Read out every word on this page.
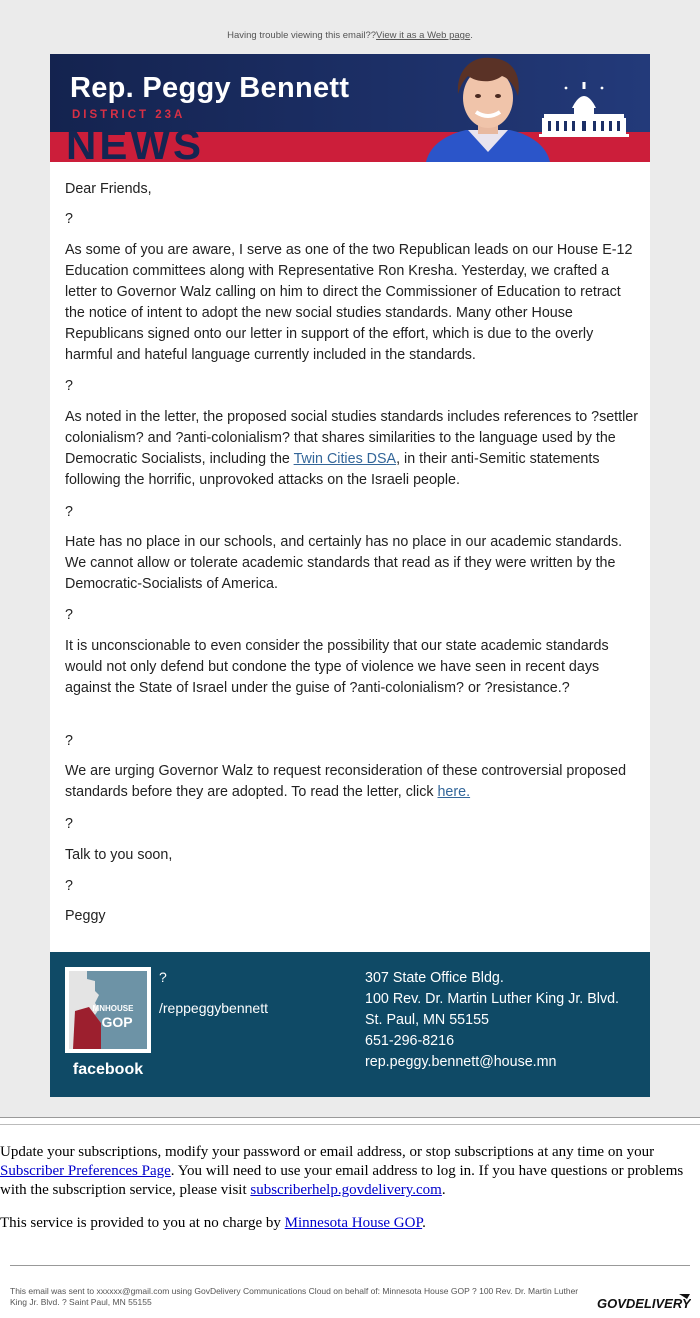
Having trouble viewing this email??View it as a Web page.
NEWS
Rep. Peggy Bennett
DISTRICT 23A

Dear Friends,

?

As some of you are aware, I serve as one of the two Republican leads on our House E-12 Education committees along with Representative Ron Kresha. Yesterday, we crafted a letter to Governor Walz calling on him to direct the Commissioner of Education to retract the notice of intent to adopt the new social studies standards. Many other House Republicans signed onto our letter in support of the effort, which is due to the overly harmful and hateful language currently included in the standards.

?

As noted in the letter, the proposed social studies standards includes references to ?settler colonialism? and ?anti-colonialism? that shares similarities to the language used by the Democratic Socialists, including the Twin Cities DSA, in their anti-Semitic statements following the horrific, unprovoked attacks on the Israeli people.

?

Hate has no place in our schools, and certainly has no place in our academic standards. We cannot allow or tolerate academic standards that read as if they were written by the Democratic-Socialists of America.

?

It is unconscionable to even consider the possibility that our state academic standards would not only defend but condone the type of violence we have seen in recent days against the State of Israel under the guise of ?anti-colonialism? or ?resistance.?

?

We are urging Governor Walz to request reconsideration of these controversial proposed standards before they are adopted. To read the letter, click here.

?

Talk to you soon,

?

Peggy

MNHOUSE
GOP
facebook
?
/reppeggybennett
307 State Office Bldg.
100 Rev. Dr. Martin Luther King Jr. Blvd.
St. Paul, MN 55155
651-296-8216
rep.peggy.bennett@house.mn

Update your subscriptions, modify your password or email address, or stop subscriptions at any time on your Subscriber Preferences Page. You will need to use your email address to log in. If you have questions or problems with the subscription service, please visit subscriberhelp.govdelivery.com.

This service is provided to you at no charge by Minnesota House GOP.

This email was sent to xxxxxx@gmail.com using GovDelivery Communications Cloud on behalf of: Minnesota House GOP ? 100 Rev. Dr. Martin Luther King Jr. Blvd. ? Saint Paul, MN 55155	GOVDELIVERY
